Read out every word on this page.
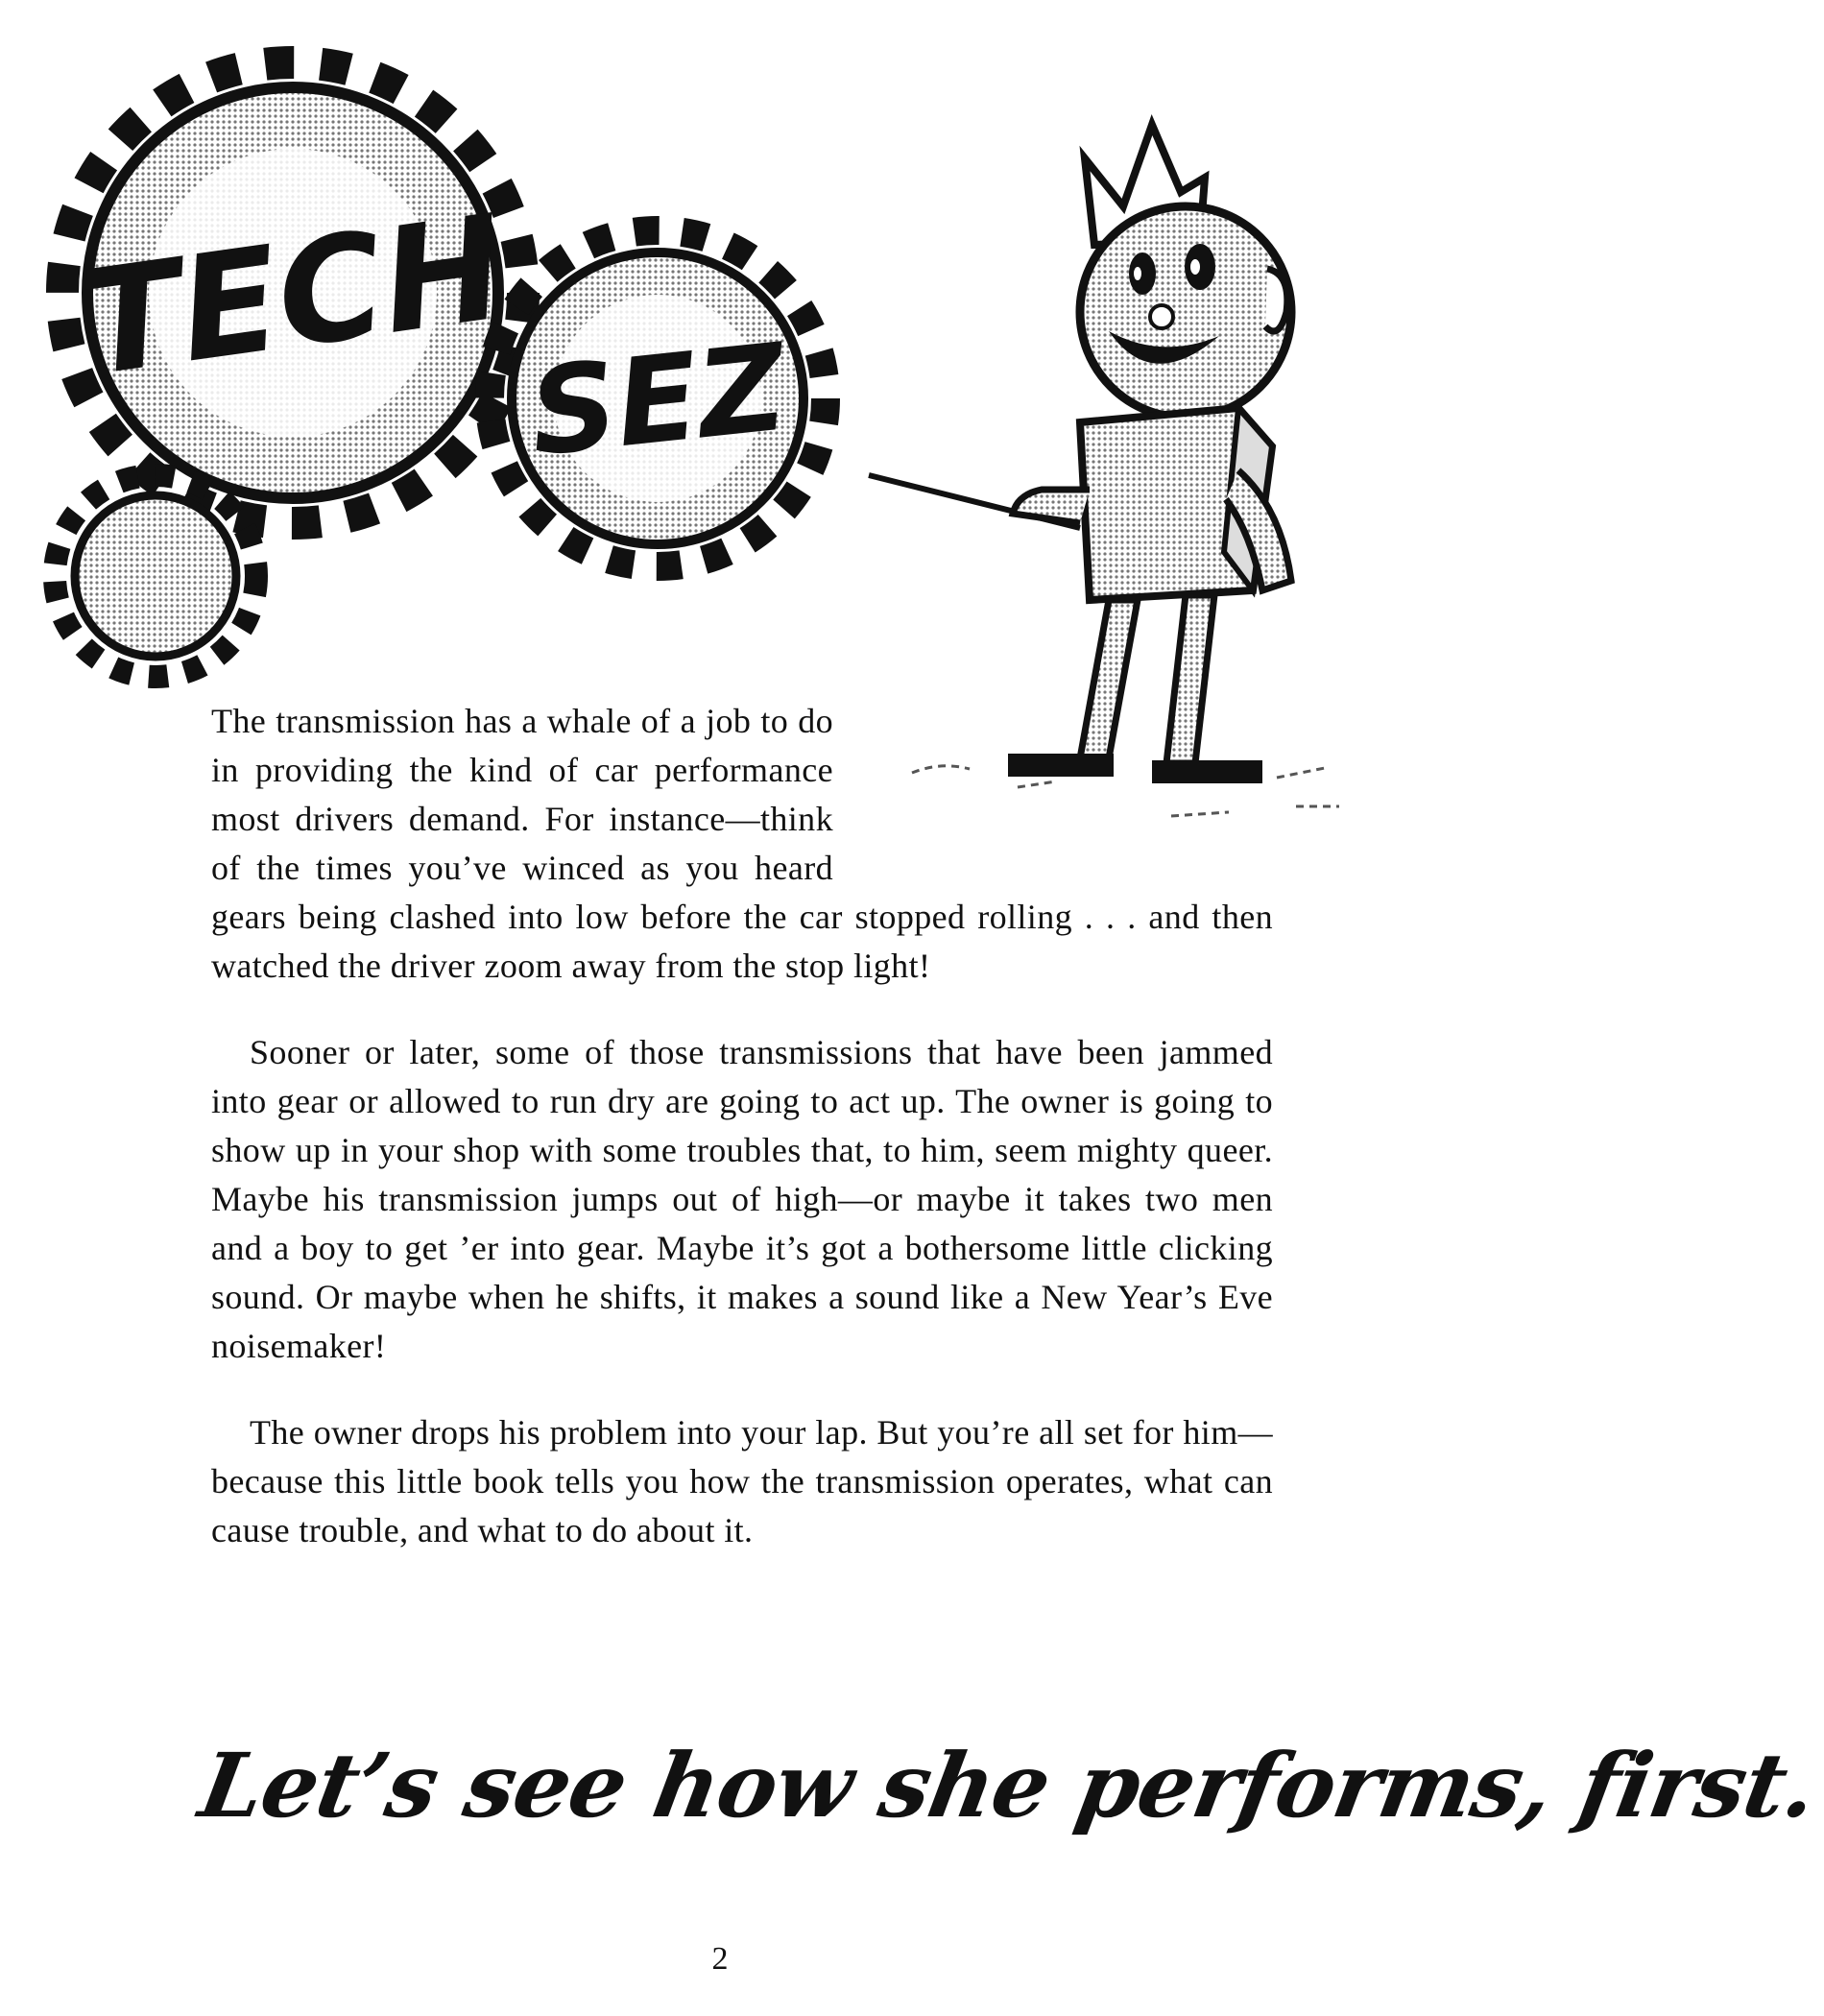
TECH SEZ

The transmission has a whale of a job to do in providing the kind of car performance most drivers demand. For instance—think of the times you’ve winced as you heard gears being clashed into low before the car stopped rolling . . . and then watched the driver zoom away from the stop light!

Sooner or later, some of those transmissions that have been jammed into gear or allowed to run dry are going to act up. The owner is going to show up in your shop with some troubles that, to him, seem mighty queer. Maybe his transmission jumps out of high—or maybe it takes two men and a boy to get ’er into gear. Maybe it’s got a bothersome little clicking sound. Or maybe when he shifts, it makes a sound like a New Year’s Eve noisemaker!

The owner drops his problem into your lap. But you’re all set for him—because this little book tells you how the transmission operates, what can cause trouble, and what to do about it.

Let’s see how she performs, first.
2
